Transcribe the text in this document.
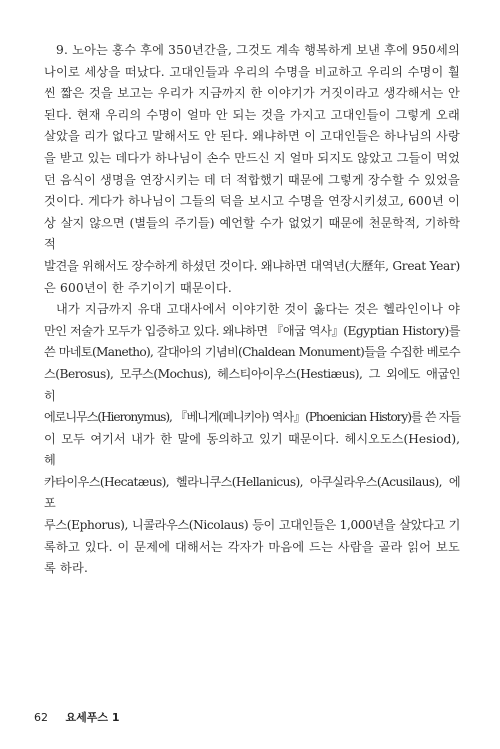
9. 노아는 홍수 후에 350년간을, 그것도 계속 행복하게 보낸 후에 950세의
나이로 세상을 떠났다. 고대인들과 우리의 수명을 비교하고 우리의 수명이 훨
씬 짧은 것을 보고는 우리가 지금까지 한 이야기가 거짓이라고 생각해서는 안
된다. 현재 우리의 수명이 얼마 안 되는 것을 가지고 고대인들이 그렇게 오래
살았을 리가 없다고 말해서도 안 된다. 왜냐하면 이 고대인들은 하나님의 사랑
을 받고 있는 데다가 하나님이 손수 만드신 지 얼마 되지도 않았고 그들이 먹었
던 음식이 생명을 연장시키는 데 더 적합했기 때문에 그렇게 장수할 수 있었을
것이다. 게다가 하나님이 그들의 덕을 보시고 수명을 연장시키셨고, 600년 이
상 살지 않으면 (별들의 주기들) 예언할 수가 없었기 때문에 천문학적, 기하학적
발견을 위해서도 장수하게 하셨던 것이다. 왜냐하면 대역년(大歷年, Great Year)
은 600년이 한 주기이기 때문이다.

내가 지금까지 유대 고대사에서 이야기한 것이 옳다는 것은 헬라인이나 야
만인 저술가 모두가 입증하고 있다. 왜냐하면 『애굽 역사』(Egyptian History)를
쓴 마네토(Manetho), 갈대아의 기념비(Chaldean Monument)들을 수집한 베로수
스(Berosus), 모쿠스(Mochus), 헤스티아이우스(Hestiæus), 그 외에도 애굽인 히
에로니무스(Hieronymus), 『베니게(페니키아) 역사』(Phoenician History)를 쓴 자들
이 모두 여기서 내가 한 말에 동의하고 있기 때문이다. 헤시오도스(Hesiod), 헤
카타이우스(Hecatæus), 헬라니쿠스(Hellanicus), 아쿠실라우스(Acusilaus), 에포
루스(Ephorus), 니콜라우스(Nicolaus) 등이 고대인들은 1,000년을 살았다고 기
록하고 있다. 이 문제에 대해서는 각자가 마음에 드는 사람을 골라 읽어 보도
록 하라.

62 요세푸스 1
